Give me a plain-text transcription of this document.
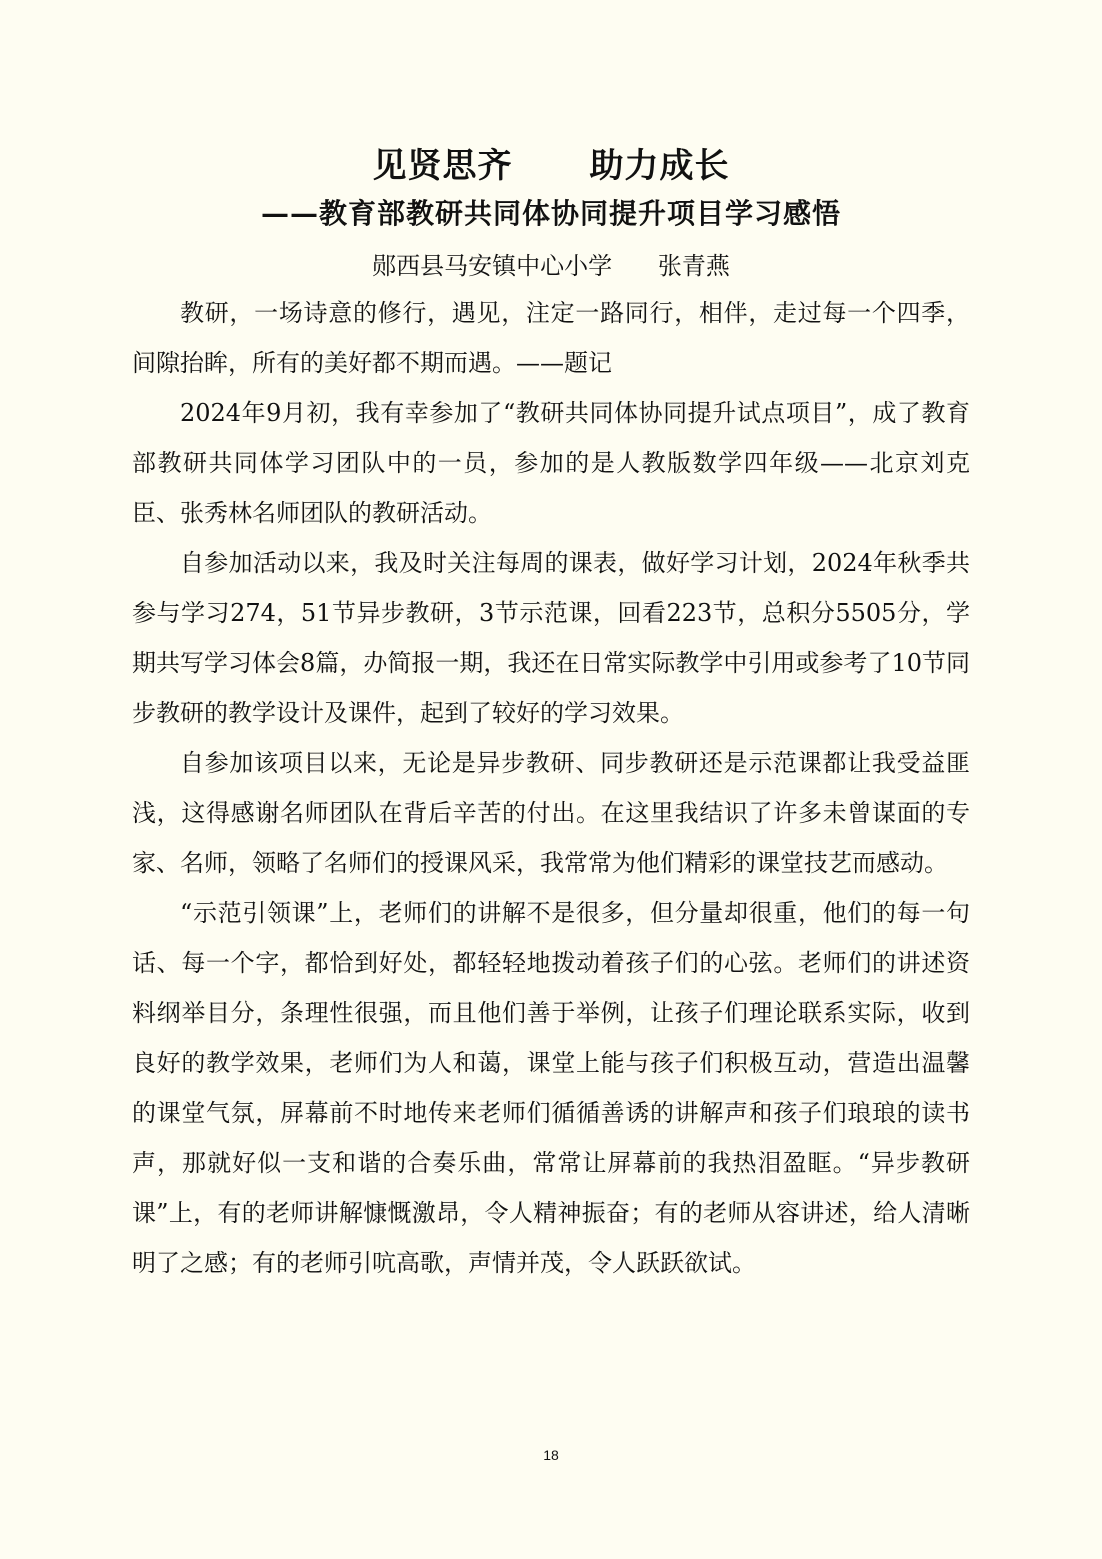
见贤思齐      助力成长
——教育部教研共同体协同提升项目学习感悟
郧西县马安镇中心小学      张青燕

教研，一场诗意的修行，遇见，注定一路同行，相伴，走过每一个四季，间隙抬眸，所有的美好都不期而遇。——题记

2024年9月初，我有幸参加了“教研共同体协同提升试点项目”，成了教育部教研共同体学习团队中的一员，参加的是人教版数学四年级——北京刘克臣、张秀林名师团队的教研活动。

自参加活动以来，我及时关注每周的课表，做好学习计划，2024年秋季共参与学习274，51节异步教研，3节示范课，回看223节，总积分5505分，学期共写学习体会8篇，办简报一期，我还在日常实际教学中引用或参考了10节同步教研的教学设计及课件，起到了较好的学习效果。

自参加该项目以来，无论是异步教研、同步教研还是示范课都让我受益匪浅，这得感谢名师团队在背后辛苦的付出。在这里我结识了许多未曾谋面的专家、名师，领略了名师们的授课风采，我常常为他们精彩的课堂技艺而感动。

“示范引领课”上，老师们的讲解不是很多，但分量却很重，他们的每一句话、每一个字，都恰到好处，都轻轻地拨动着孩子们的心弦。老师们的讲述资料纲举目分，条理性很强，而且他们善于举例，让孩子们理论联系实际，收到良好的教学效果，老师们为人和蔼，课堂上能与孩子们积极互动，营造出温馨的课堂气氛，屏幕前不时地传来老师们循循善诱的讲解声和孩子们琅琅的读书声，那就好似一支和谐的合奏乐曲，常常让屏幕前的我热泪盈眶。“异步教研课”上，有的老师讲解慷慨激昂，令人精神振奋；有的老师从容讲述，给人清晰明了之感；有的老师引吭高歌，声情并茂，令人跃跃欲试。

18
